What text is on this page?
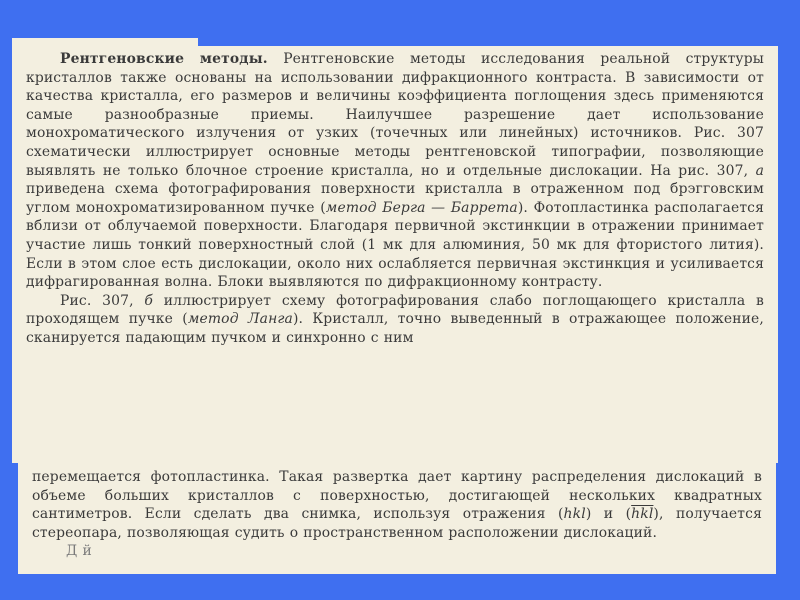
Рентгеновские методы. Рентгеновские методы исследования реальной структуры кристаллов также основаны на использовании дифракционного контраста. В зависимости от качества кристалла, его размеров и величины коэффициента поглощения здесь применяются самые разнообразные приемы. Наилучшее разрешение дает использование монохроматического излучения от узких (точечных или линейных) источников. Рис. 307 схематически иллюстрирует основные методы рентгеновской типографии, позволяющие выявлять не только блочное строение кристалла, но и отдельные дислокации. На рис. 307, а приведена схема фотографирования поверхности кристалла в отраженном под брэгговским углом монохроматизированном пучке (метод Берга — Баррета). Фотопластинка располагается вблизи от облучаемой поверхности. Благодаря первичной экстинкции в отражении принимает участие лишь тонкий поверхностный слой (1 мк для алюминия, 50 мк для фтористого лития). Если в этом слое есть дислокации, около них ослабляется первичная экстинкция и усиливается дифрагированная волна. Блоки выявляются по дифракционному контрасту.

Рис. 307, б иллюстрирует схему фотографирования слабо поглощающего кристалла в проходящем пучке (метод Ланга). Кристалл, точно выведенный в отражающее положение, сканируется падающим пучком и синхронно с ним

перемещается фотопластинка. Такая развертка дает картину распределения дислокаций в объеме больших кристаллов с поверхностью, достигающей нескольких квадратных сантиметров. Если сделать два снимка, используя отражения (hkl) и $(\overline{hkl})$, получается стереопара, позволяющая судить о пространственном расположении дислокаций.

Д й
